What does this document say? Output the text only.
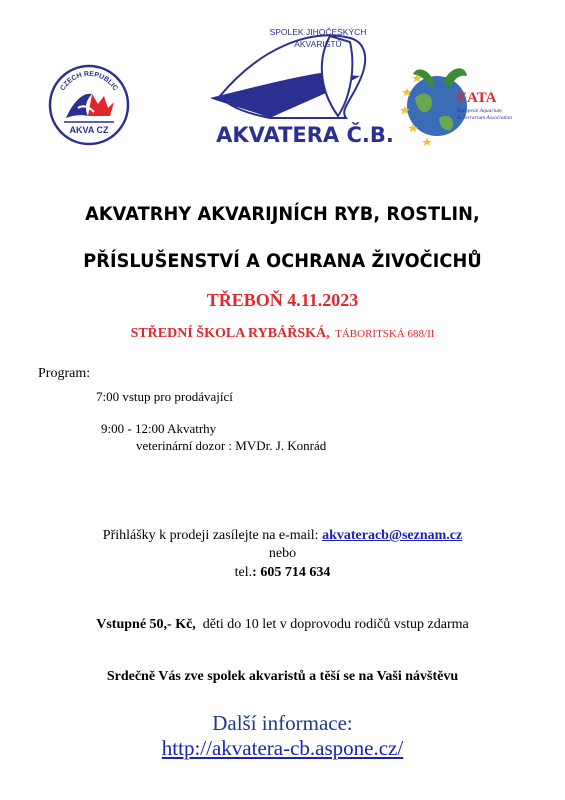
CZECH REPUBLIC
AKVA CZ
SPOLEK JIHOČESKÝCH
AKVARISTŮ
AKVATERA Č.B.
EATA
European Aquarium
& Terrarium Association
AKVATRHY AKVARIJNÍCH RYB, ROSTLIN,
PŘÍSLUŠENSTVÍ A OCHRANA ŽIVOČICHŮ
TŘEBOŇ 4.11.2023
STŘEDNÍ ŠKOLA RYBÁŘSKÁ, TÁBORITSKÁ 688/II
Program:
7:00 vstup pro prodávající
9:00 - 12:00 Akvatrhy
veterinární dozor : MVDr. J. Konrád
Přihlášky k prodeji zasílejte na e-mail: akvateracb@seznam.cz
nebo
tel.: 605 714 634
Vstupné 50,- Kč, děti do 10 let v doprovodu rodičů vstup zdarma
Srdečně Vás zve spolek akvaristů a těší se na Vaši návštěvu
Další informace:
http://akvatera-cb.aspone.cz/
